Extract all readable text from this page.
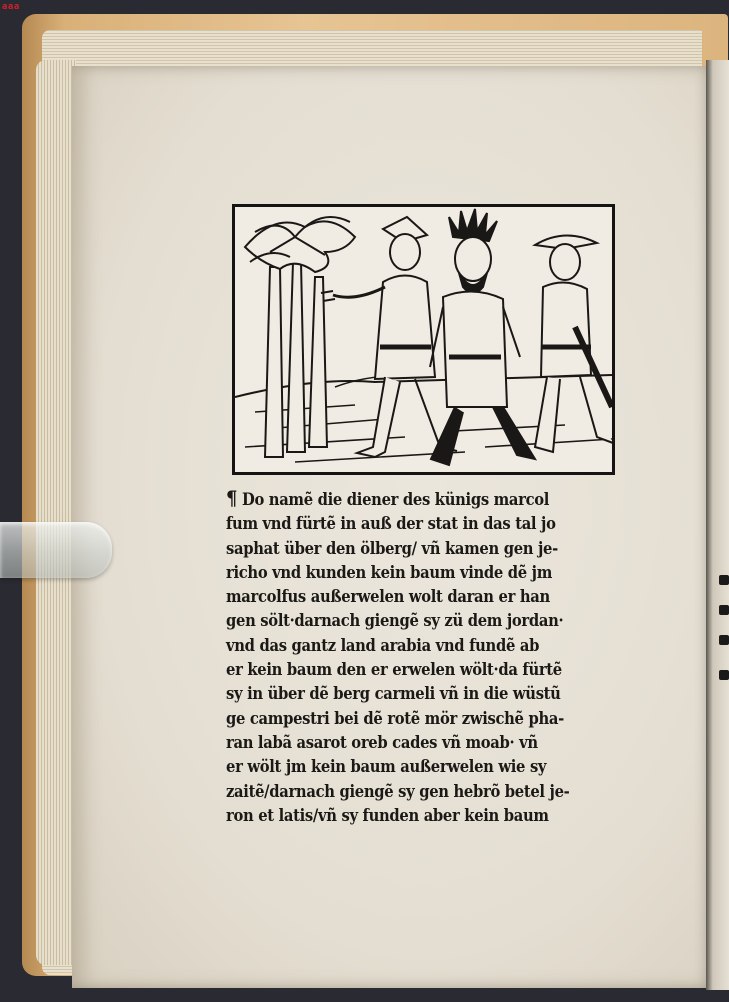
aaa
¶ Do namẽ die diener des künigs marcol
fum vnd fürtẽ in auß der stat in das tal jo
saphat über den ölberg/ vñ kamen gen je-
richo vnd kunden kein baum vinde dẽ jm
marcolfus außerwelen wolt daran er han
gen sölt·darnach giengẽ sy zü dem jordan·
vnd das gantz land arabia vnd fundẽ ab
er kein baum den er erwelen wölt·da fürtẽ
sy in über dẽ berg carmeli vñ in die wüstũ
ge campestri bei dẽ rotẽ mör zwischẽ pha-
ran labã asarot oreb cades vñ moab· vñ
er wölt jm kein baum außerwelen wie sy
zaitẽ/darnach giengẽ sy gen hebrõ betel je-
ron et latis/vñ sy funden aber kein baum
